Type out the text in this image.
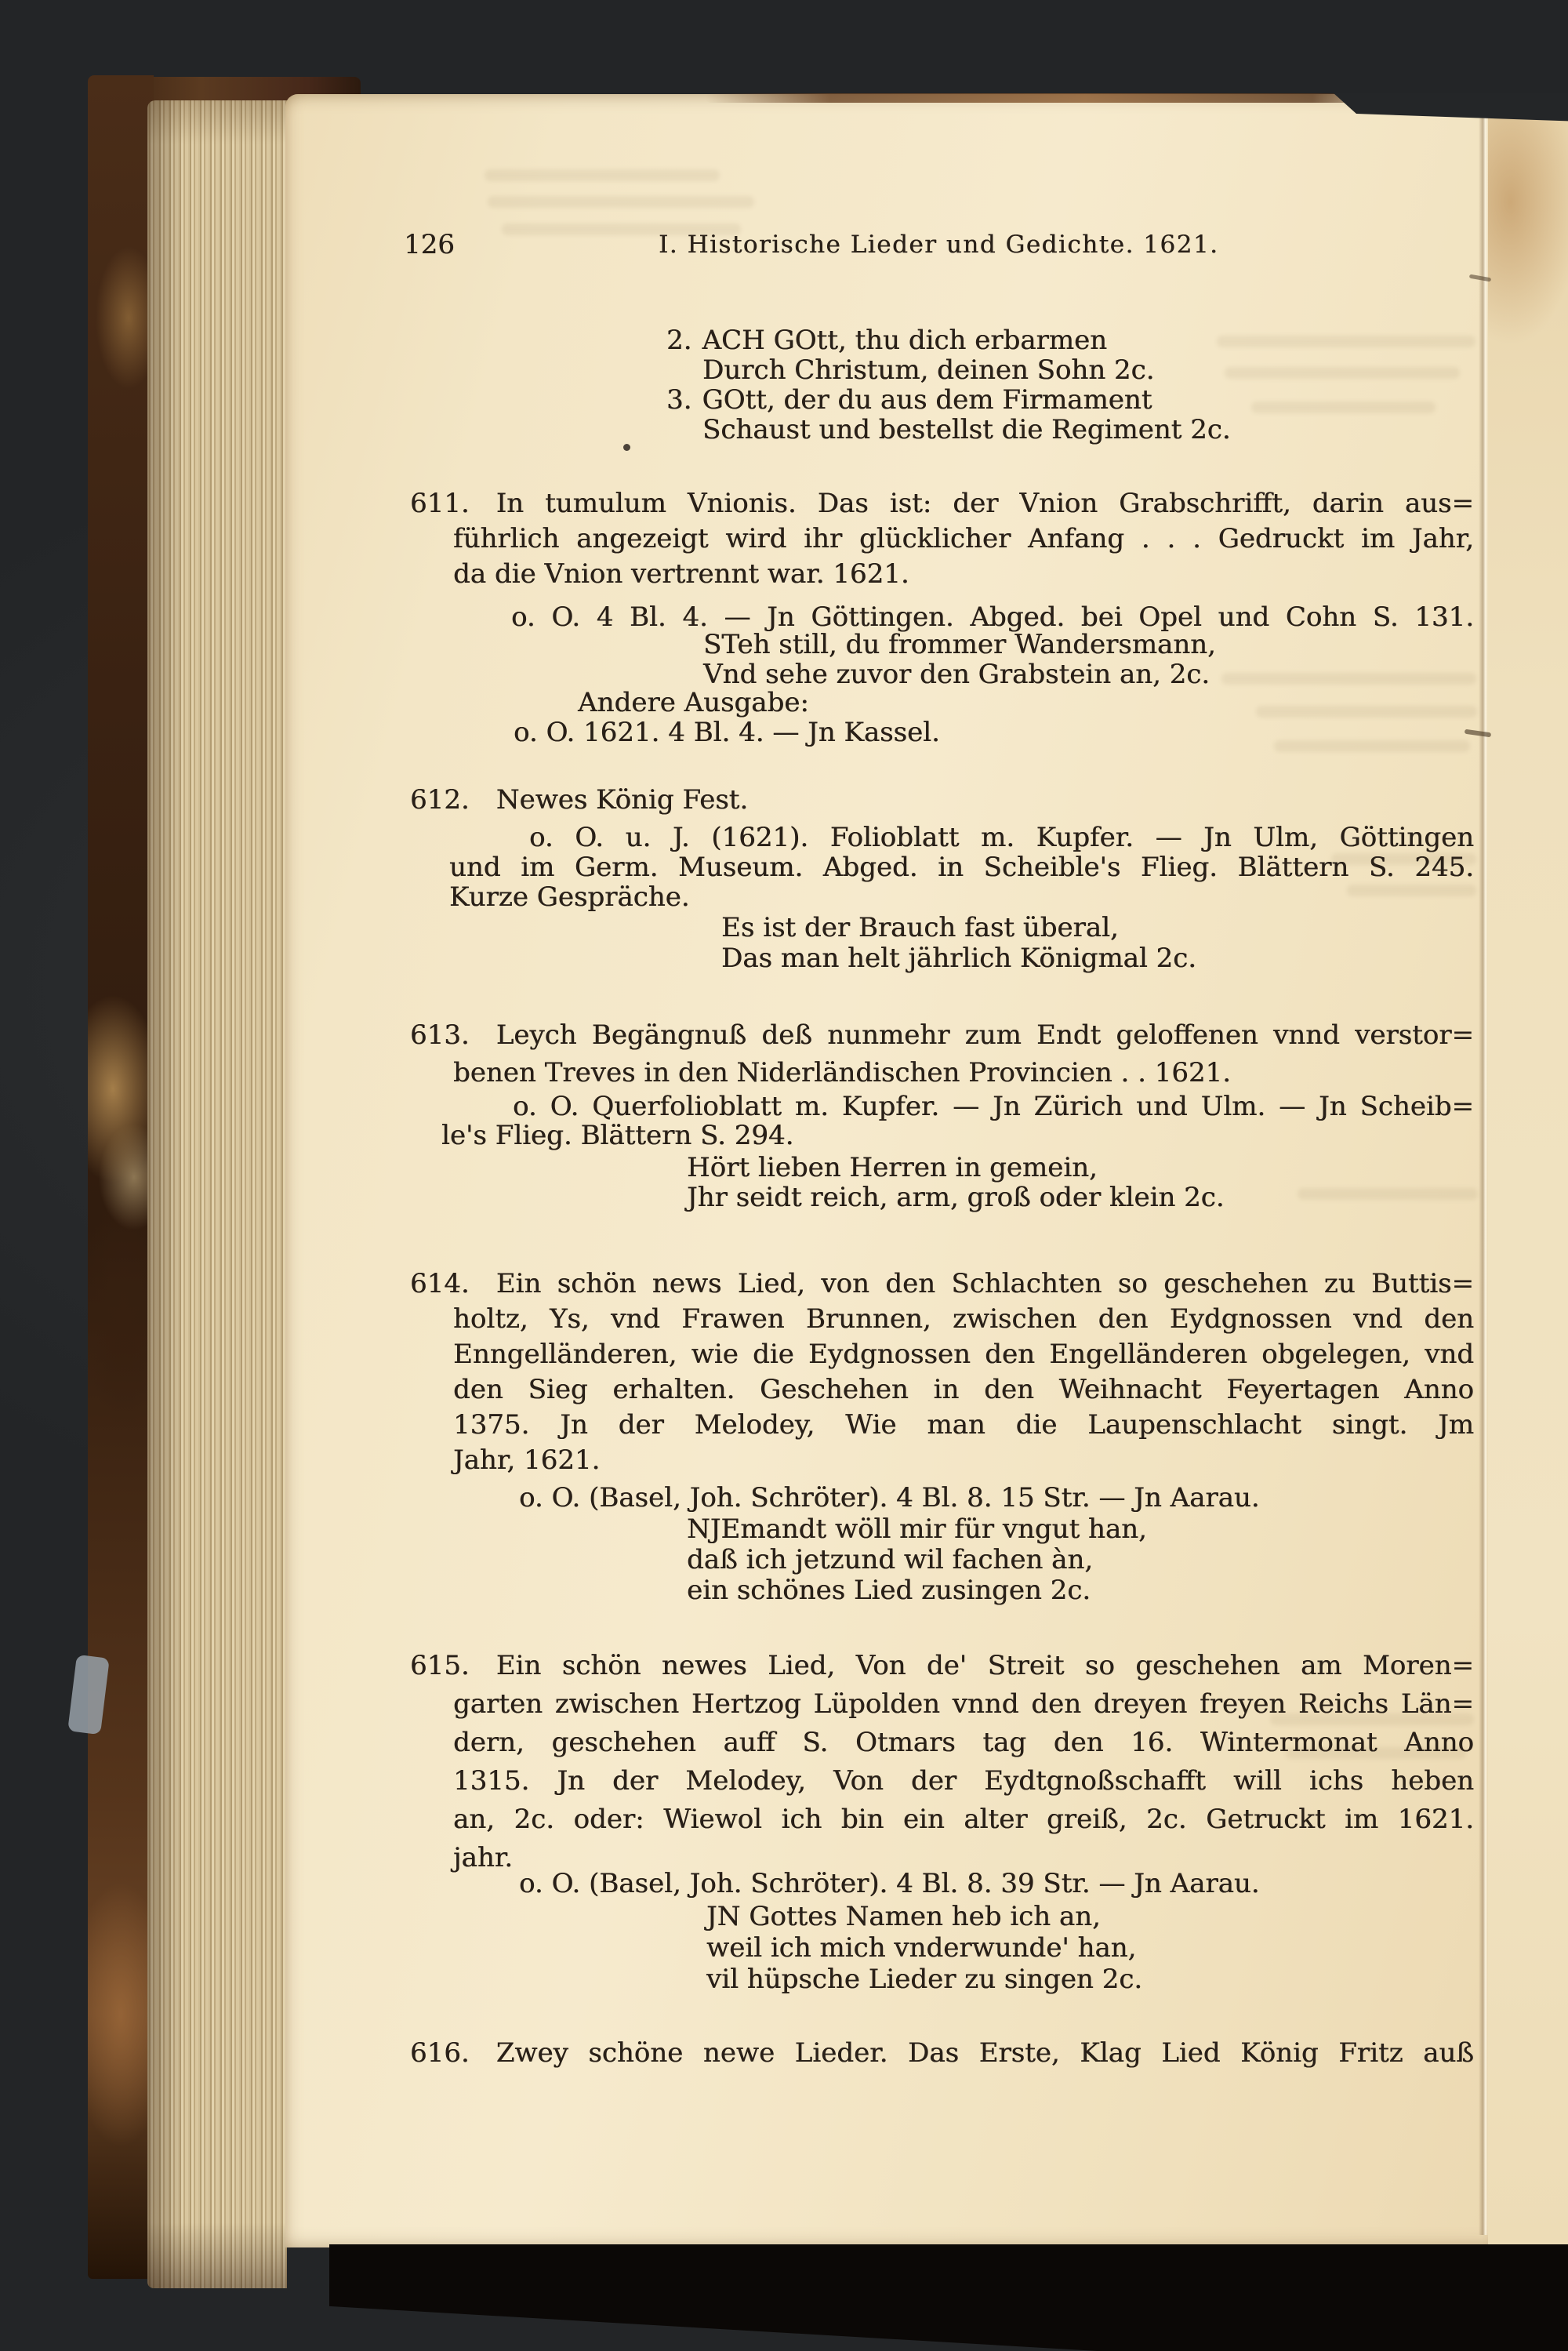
126	I. Historische Lieder und Gedichte. 1621.
2. ACH GOtt, thu dich erbarmen
Durch Christum, deinen Sohn 2c.
3. GOtt, der du aus dem Firmament
Schaust und bestellst die Regiment 2c.
611. In tumulum Vnionis. Das ist: der Vnion Grabschrifft, darin aus=
führlich angezeigt wird ihr glücklicher Anfang . . . Gedruckt im Jahr,
da die Vnion vertrennt war. 1621.
o. O. 4 Bl. 4. — Jn Göttingen. Abged. bei Opel und Cohn S. 131.
STeh still, du frommer Wandersmann,
Vnd sehe zuvor den Grabstein an, 2c.
Andere Ausgabe:
o. O. 1621. 4 Bl. 4. — Jn Kassel.
612. Newes König Fest.
o. O. u. J. (1621). Folioblatt m. Kupfer. — Jn Ulm, Göttingen
und im Germ. Museum. Abged. in Scheible's Flieg. Blättern S. 245.
Kurze Gespräche.
Es ist der Brauch fast überal,
Das man helt jährlich Königmal 2c.
613. Leych Begängnuß deß nunmehr zum Endt geloffenen vnnd verstor=
benen Treves in den Niderländischen Provincien . . 1621.
o. O. Querfolioblatt m. Kupfer. — Jn Zürich und Ulm. — Jn Scheib=
le's Flieg. Blättern S. 294.
Hört lieben Herren in gemein,
Jhr seidt reich, arm, groß oder klein 2c.
614. Ein schön news Lied, von den Schlachten so geschehen zu Buttis=
holtz, Ys, vnd Frawen Brunnen, zwischen den Eydgnossen vnd den
Enngelländeren, wie die Eydgnossen den Engelländeren obgelegen, vnd
den Sieg erhalten. Geschehen in den Weihnacht Feyertagen Anno
1375. Jn der Melodey, Wie man die Laupenschlacht singt. Jm
Jahr, 1621.
o. O. (Basel, Joh. Schröter). 4 Bl. 8. 15 Str. — Jn Aarau.
NJEmandt wöll mir für vngut han,
daß ich jetzund wil fachen àn,
ein schönes Lied zusingen 2c.
615. Ein schön newes Lied, Von de' Streit so geschehen am Moren=
garten zwischen Hertzog Lüpolden vnnd den dreyen freyen Reichs Län=
dern, geschehen auff S. Otmars tag den 16. Wintermonat Anno
1315. Jn der Melodey, Von der Eydtgnoßschafft will ichs heben
an, 2c. oder: Wiewol ich bin ein alter greiß, 2c. Getruckt im 1621.
jahr.
o. O. (Basel, Joh. Schröter). 4 Bl. 8. 39 Str. — Jn Aarau.
JN Gottes Namen heb ich an,
weil ich mich vnderwunde' han,
vil hüpsche Lieder zu singen 2c.
616. Zwey schöne newe Lieder. Das Erste, Klag Lied König Fritz auß
